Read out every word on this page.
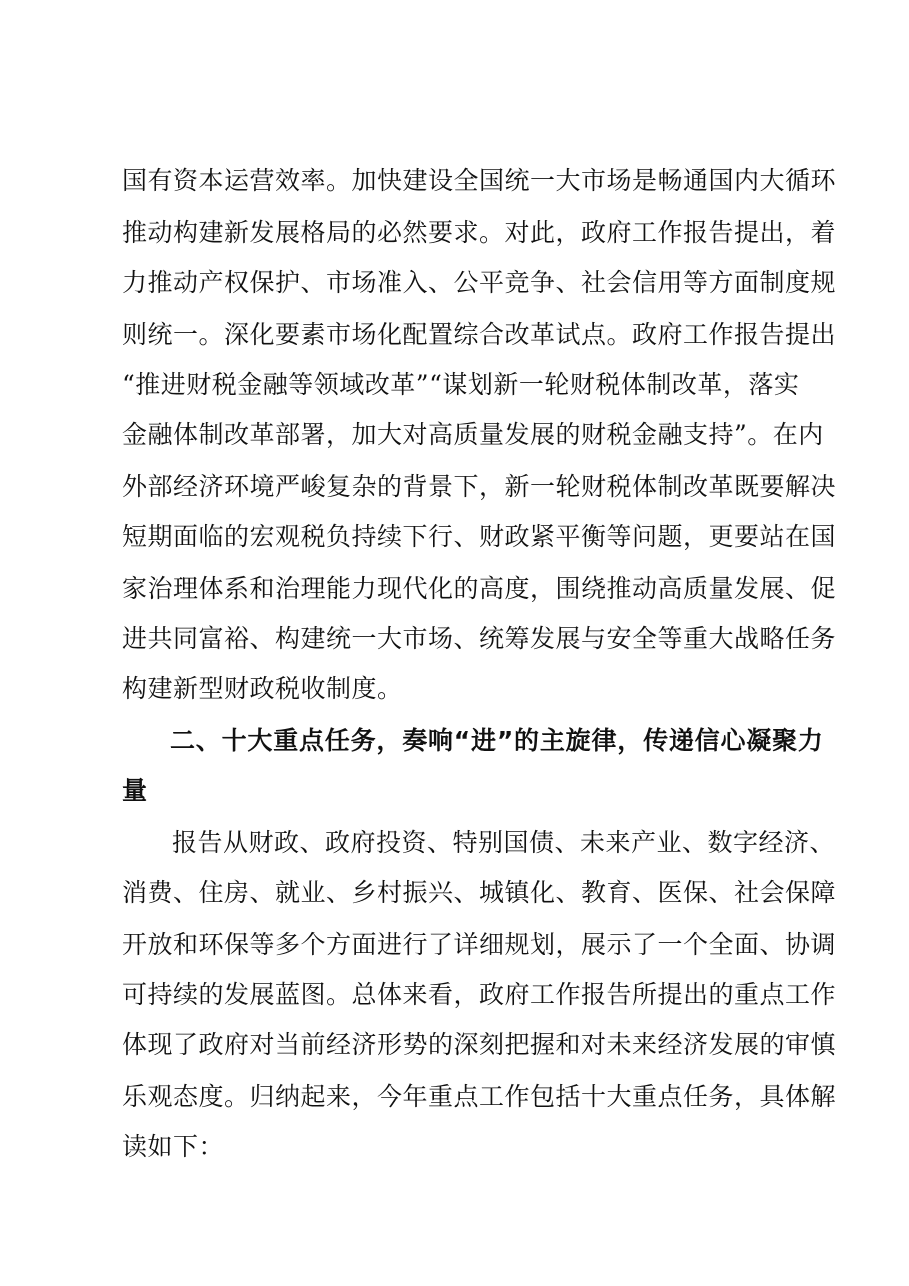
国有资本运营效率。加快建设全国统一大市场是畅通国内大循环
推动构建新发展格局的必然要求。对此，政府工作报告提出，着
力推动产权保护、市场准入、公平竞争、社会信用等方面制度规
则统一。深化要素市场化配置综合改革试点。政府工作报告提出
“推进财税金融等领域改革”“谋划新一轮财税体制改革，落实
金融体制改革部署，加大对高质量发展的财税金融支持”。在内
外部经济环境严峻复杂的背景下，新一轮财税体制改革既要解决
短期面临的宏观税负持续下行、财政紧平衡等问题，更要站在国
家治理体系和治理能力现代化的高度，围绕推动高质量发展、促
进共同富裕、构建统一大市场、统筹发展与安全等重大战略任务
构建新型财政税收制度。
二、十大重点任务，奏响“进”的主旋律，传递信心凝聚力
量
报告从财政、政府投资、特别国债、未来产业、数字经济、
消费、住房、就业、乡村振兴、城镇化、教育、医保、社会保障
开放和环保等多个方面进行了详细规划，展示了一个全面、协调
可持续的发展蓝图。总体来看，政府工作报告所提出的重点工作
体现了政府对当前经济形势的深刻把握和对未来经济发展的审慎
乐观态度。归纳起来，今年重点工作包括十大重点任务，具体解
读如下：
